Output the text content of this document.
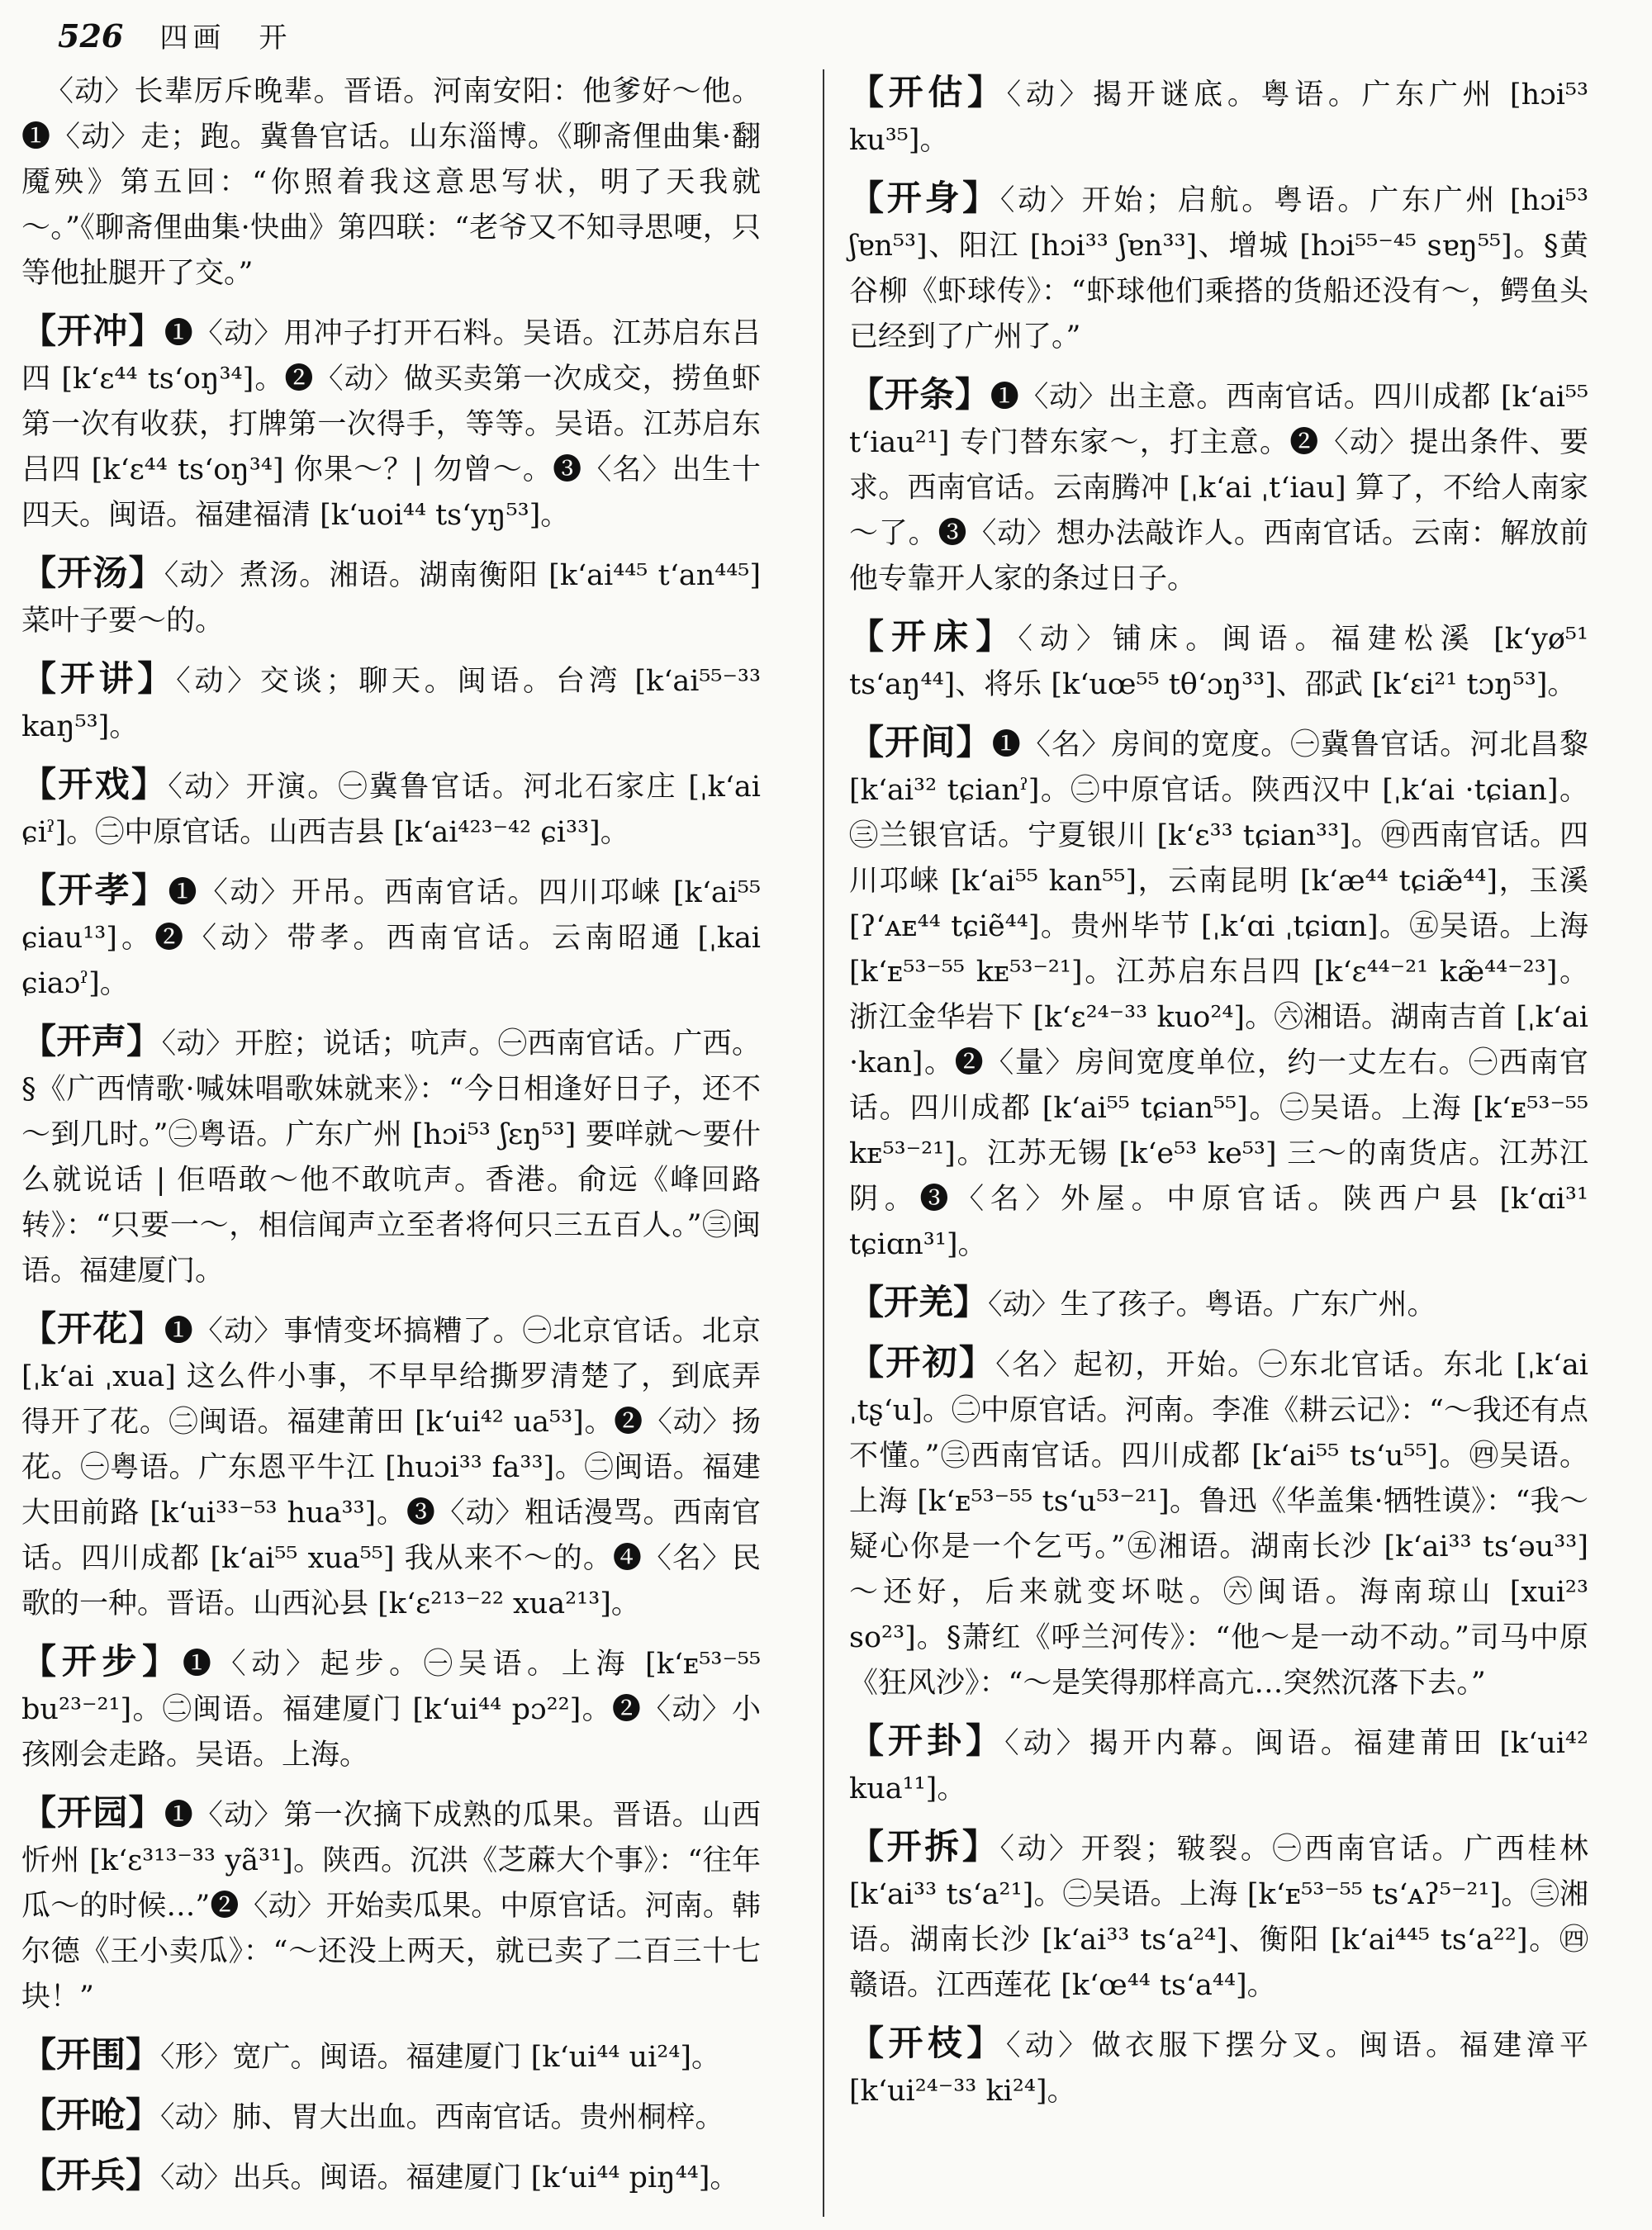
526 四画　开

〈动〉长辈厉斥晚辈。晋语。河南安阳：他爹好～他。❶〈动〉走；跑。冀鲁官话。山东淄博。《聊斋俚曲集·翻魇殃》第五回：“你照着我这意思写状，明了天我就～。”《聊斋俚曲集·快曲》第四联：“老爷又不知寻思哽，只等他扯腿开了交。”

【开冲】❶〈动〉用冲子打开石料。吴语。江苏启东吕四 [kʻɛ⁴⁴ tsʻoŋ³⁴]。❷〈动〉做买卖第一次成交，捞鱼虾第一次有收获，打牌第一次得手，等等。吴语。江苏启东吕四 [kʻɛ⁴⁴ tsʻoŋ³⁴] 你果～？| 勿曾～。❸〈名〉出生十四天。闽语。福建福清 [kʻuoi⁴⁴ tsʻyŋ⁵³]。

【开汤】〈动〉煮汤。湘语。湖南衡阳 [kʻai⁴⁴⁵ tʻan⁴⁴⁵] 菜叶子要～的。

【开讲】〈动〉交谈；聊天。闽语。台湾 [kʻai⁵⁵⁻³³ kaŋ⁵³]。

【开戏】〈动〉开演。㊀冀鲁官话。河北石家庄 [ˌkʻai ɕiˀ]。㊁中原官话。山西吉县 [kʻai⁴²³⁻⁴² ɕi³³]。

【开孝】❶〈动〉开吊。西南官话。四川邛崃 [kʻai⁵⁵ ɕiau¹³]。❷〈动〉带孝。西南官话。云南昭通 [ˌkai ɕiaɔˀ]。

【开声】〈动〉开腔；说话；吭声。㊀西南官话。广西。§《广西情歌·喊妹唱歌妹就来》：“今日相逢好日子，还不～到几时。”㊁粤语。广东广州 [hɔi⁵³ ʃɛŋ⁵³] 要咩就～要什么就说话 | 佢唔敢～他不敢吭声。香港。俞远《峰回路转》：“只要一～，相信闻声立至者将何只三五百人。”㊂闽语。福建厦门。

【开花】❶〈动〉事情变坏搞糟了。㊀北京官话。北京 [ˌkʻai ˌxua] 这么件小事，不早早给撕罗清楚了，到底弄得开了花。㊁闽语。福建莆田 [kʻui⁴² ua⁵³]。❷〈动〉扬花。㊀粤语。广东恩平牛江 [huɔi³³ fa³³]。㊁闽语。福建大田前路 [kʻui³³⁻⁵³ hua³³]。❸〈动〉粗话漫骂。西南官话。四川成都 [kʻai⁵⁵ xua⁵⁵] 我从来不～的。❹〈名〉民歌的一种。晋语。山西沁县 [kʻɛ²¹³⁻²² xua²¹³]。

【开步】❶〈动〉起步。㊀吴语。上海 [kʻᴇ⁵³⁻⁵⁵ bu²³⁻²¹]。㊁闽语。福建厦门 [kʻui⁴⁴ pɔ²²]。❷〈动〉小孩刚会走路。吴语。上海。

【开园】❶〈动〉第一次摘下成熟的瓜果。晋语。山西忻州 [kʻɛ³¹³⁻³³ yã³¹]。陕西。沉洪《芝蔴大个事》：“往年瓜～的时候…”❷〈动〉开始卖瓜果。中原官话。河南。韩尔德《王小卖瓜》：“～还没上两天，就已卖了二百三十七块！”

【开围】〈形〉宽广。闽语。福建厦门 [kʻui⁴⁴ ui²⁴]。

【开呛】〈动〉肺、胃大出血。西南官话。贵州桐梓。

【开兵】〈动〉出兵。闽语。福建厦门 [kʻui⁴⁴ piŋ⁴⁴]。

【开估】〈动〉揭开谜底。粤语。广东广州 [hɔi⁵³ ku³⁵]。

【开身】〈动〉开始；启航。粤语。广东广州 [hɔi⁵³ ʃɐn⁵³]、阳江 [hɔi³³ ʃɐn³³]、增城 [hɔi⁵⁵⁻⁴⁵ sɐŋ⁵⁵]。§黄谷柳《虾球传》：“虾球他们乘搭的货船还没有～，鳄鱼头已经到了广州了。”

【开条】❶〈动〉出主意。西南官话。四川成都 [kʻai⁵⁵ tʻiau²¹] 专门替东家～，打主意。❷〈动〉提出条件、要求。西南官话。云南腾冲 [ˌkʻai ˌtʻiau] 算了，不给人南家～了。❸〈动〉想办法敲诈人。西南官话。云南：解放前他专靠开人家的条过日子。

【开床】〈动〉铺床。闽语。福建松溪 [kʻyø⁵¹ tsʻaŋ⁴⁴]、将乐 [kʻuœ⁵⁵ tθʻɔŋ³³]、邵武 [kʻɛi²¹ tɔŋ⁵³]。

【开间】❶〈名〉房间的宽度。㊀冀鲁官话。河北昌黎 [kʻai³² tɕianˀ]。㊁中原官话。陕西汉中 [ˌkʻai ·tɕian]。㊂兰银官话。宁夏银川 [kʻɛ³³ tɕian³³]。㊃西南官话。四川邛崃 [kʻai⁵⁵ kan⁵⁵]，云南昆明 [kʻæ⁴⁴ tɕiæ̃⁴⁴]，玉溪 [ʔʻᴀᴇ⁴⁴ tɕiẽ⁴⁴]。贵州毕节 [ˌkʻɑi ˌtɕiɑn]。㊄吴语。上海 [kʻᴇ⁵³⁻⁵⁵ kᴇ⁵³⁻²¹]。江苏启东吕四 [kʻɛ⁴⁴⁻²¹ kæ̃⁴⁴⁻²³]。浙江金华岩下 [kʻɛ²⁴⁻³³ kuo²⁴]。㊅湘语。湖南吉首 [ˌkʻai ·kan]。❷〈量〉房间宽度单位，约一丈左右。㊀西南官话。四川成都 [kʻai⁵⁵ tɕian⁵⁵]。㊁吴语。上海 [kʻᴇ⁵³⁻⁵⁵ kᴇ⁵³⁻²¹]。江苏无锡 [kʻe⁵³ ke⁵³] 三～的南货店。江苏江阴。❸〈名〉外屋。中原官话。陕西户县 [kʻɑi³¹ tɕiɑn³¹]。

【开羌】〈动〉生了孩子。粤语。广东广州。

【开初】〈名〉起初，开始。㊀东北官话。东北 [ˌkʻai ˌtʂʻu]。㊁中原官话。河南。李准《耕云记》：“～我还有点不懂。”㊂西南官话。四川成都 [kʻai⁵⁵ tsʻu⁵⁵]。㊃吴语。上海 [kʻᴇ⁵³⁻⁵⁵ tsʻu⁵³⁻²¹]。鲁迅《华盖集·牺牲谟》：“我～疑心你是一个乞丐。”㊄湘语。湖南长沙 [kʻai³³ tsʻəu³³] ～还好，后来就变坏哒。㊅闽语。海南琼山 [xui²³ so²³]。§萧红《呼兰河传》：“他～是一动不动。”司马中原《狂风沙》：“～是笑得那样高亢…突然沉落下去。”

【开卦】〈动〉揭开内幕。闽语。福建莆田 [kʻui⁴² kua¹¹]。

【开拆】〈动〉开裂；皲裂。㊀西南官话。广西桂林 [kʻai³³ tsʻa²¹]。㊁吴语。上海 [kʻᴇ⁵³⁻⁵⁵ tsʻᴀʔ⁵⁻²¹]。㊂湘语。湖南长沙 [kʻai³³ tsʻa²⁴]、衡阳 [kʻai⁴⁴⁵ tsʻa²²]。㊃赣语。江西莲花 [kʻœ⁴⁴ tsʻa⁴⁴]。

【开枝】〈动〉做衣服下摆分叉。闽语。福建漳平 [kʻui²⁴⁻³³ ki²⁴]。
